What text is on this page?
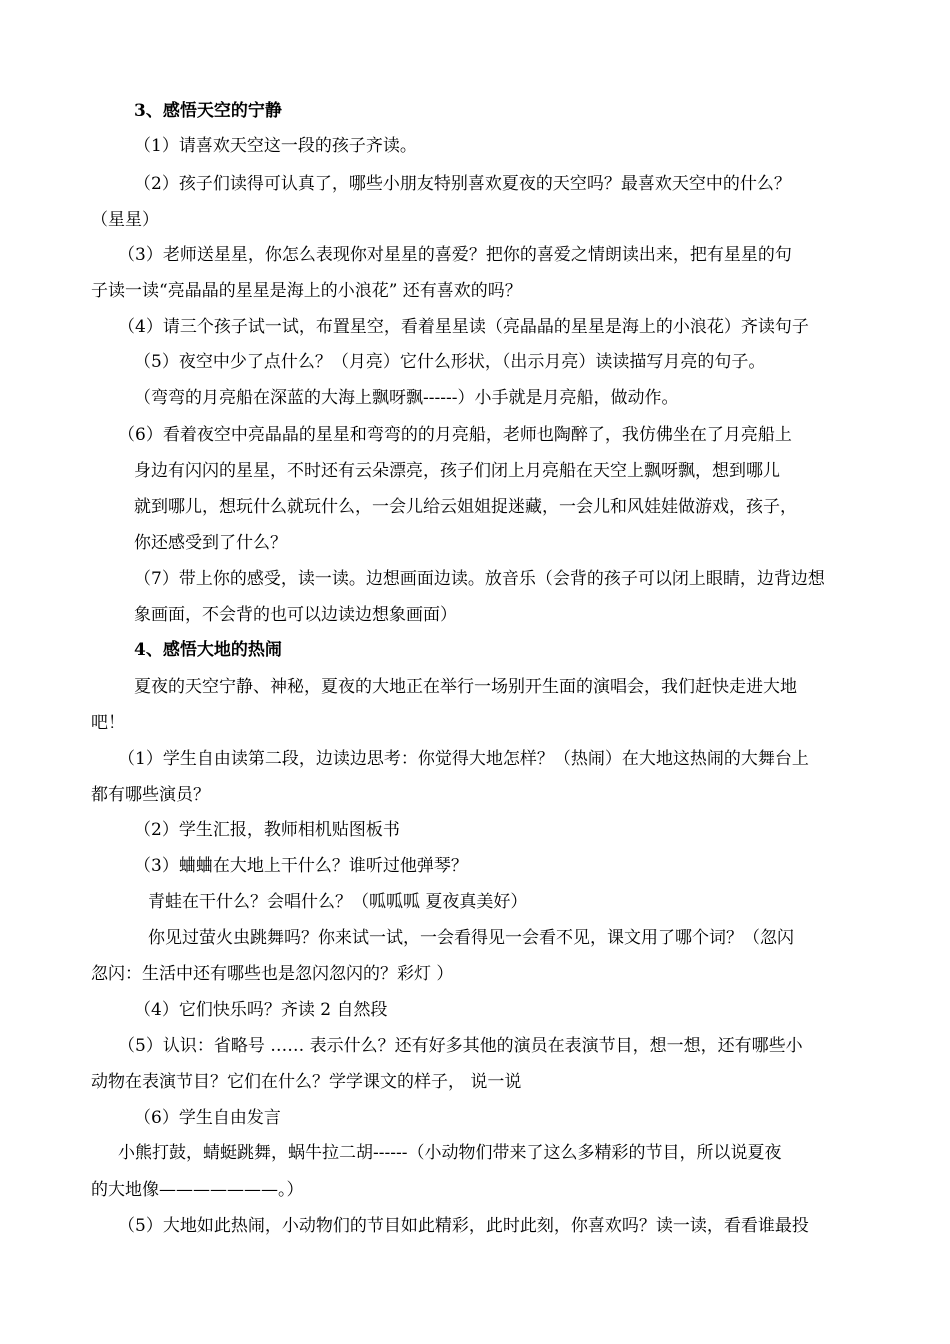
3、感悟天空的宁静
（1）请喜欢天空这一段的孩子齐读。
（2）孩子们读得可认真了，哪些小朋友特别喜欢夏夜的天空吗？最喜欢天空中的什么？
（星星）
（3）老师送星星，你怎么表现你对星星的喜爱？把你的喜爱之情朗读出来，把有星星的句
子读一读“亮晶晶的星星是海上的小浪花” 还有喜欢的吗？
（4）请三个孩子试一试，布置星空，看着星星读（亮晶晶的星星是海上的小浪花）齐读句子
（5）夜空中少了点什么？（月亮）它什么形状，（出示月亮）读读描写月亮的句子。
（弯弯的月亮船在深蓝的大海上飘呀飘------）小手就是月亮船，做动作。
（6）看着夜空中亮晶晶的星星和弯弯的的月亮船，老师也陶醉了，我仿佛坐在了月亮船上
身边有闪闪的星星，不时还有云朵漂亮，孩子们闭上月亮船在天空上飘呀飘，想到哪儿
就到哪儿，想玩什么就玩什么，一会儿给云姐姐捉迷藏，一会儿和风娃娃做游戏，孩子，
你还感受到了什么？
（7）带上你的感受，读一读。边想画面边读。放音乐（会背的孩子可以闭上眼睛，边背边想
象画面，不会背的也可以边读边想象画面）
4、感悟大地的热闹
夏夜的天空宁静、神秘，夏夜的大地正在举行一场别开生面的演唱会，我们赶快走进大地
吧！
（1）学生自由读第二段，边读边思考：你觉得大地怎样？（热闹）在大地这热闹的大舞台上
都有哪些演员？
（2）学生汇报，教师相机贴图板书
（3）蛐蛐在大地上干什么？谁听过他弹琴？
青蛙在干什么？会唱什么？（呱呱呱 夏夜真美好）
你见过萤火虫跳舞吗？你来试一试，一会看得见一会看不见，课文用了哪个词？（忽闪
忽闪：生活中还有哪些也是忽闪忽闪的？彩灯 ）
（4）它们快乐吗？齐读 2 自然段
（5）认识：省略号 …… 表示什么？还有好多其他的演员在表演节目，想一想，还有哪些小
动物在表演节目？它们在什么？学学课文的样子， 说一说
（6）学生自由发言
小熊打鼓，蜻蜓跳舞，蜗牛拉二胡------（小动物们带来了这么多精彩的节目，所以说夏夜
的大地像———————。）
（5）大地如此热闹，小动物们的节目如此精彩，此时此刻，你喜欢吗？读一读，看看谁最投
